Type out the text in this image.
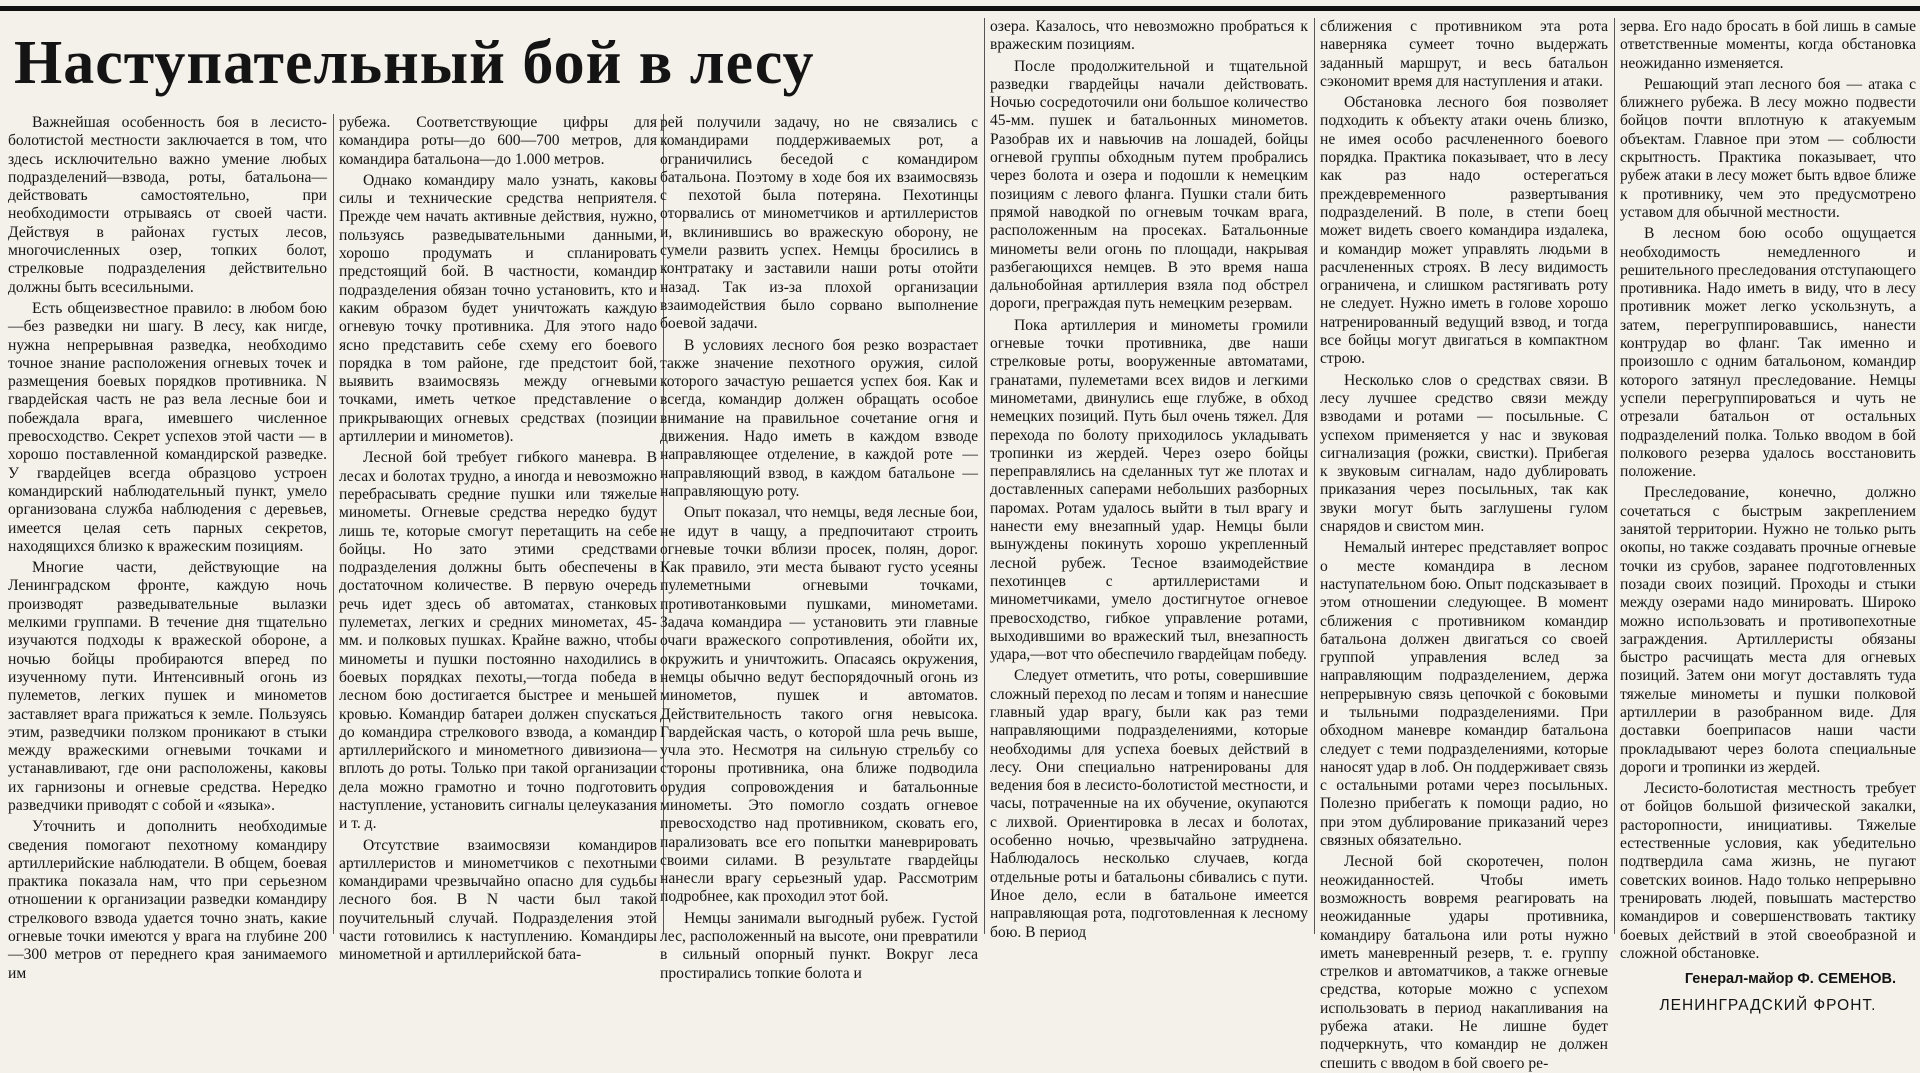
Наступательный бой в лесу

Важнейшая особенность боя в лесисто-болотистой местности заключается в том, что здесь исключительно важно умение любых подразделений—взвода, роты, батальона—действовать самостоятельно, при необходимости отрываясь от своей части. Действуя в районах густых лесов, многочисленных озер, топких болот, стрелковые подразделения действительно должны быть всесильными.

Есть общеизвестное правило: в любом бою—без разведки ни шагу. В лесу, как нигде, нужна непрерывная разведка, необходимо точное знание расположения огневых точек и размещения боевых порядков противника. N гвардейская часть не раз вела лесные бои и побеждала врага, имевшего численное превосходство. Секрет успехов этой части — в хорошо поставленной командирской разведке. У гвардейцев всегда образцово устроен командирский наблюдательный пункт, умело организована служба наблюдения с деревьев, имеется целая сеть парных секретов, находящихся близко к вражеским позициям.

Многие части, действующие на Ленинградском фронте, каждую ночь производят разведывательные вылазки мелкими группами. В течение дня тщательно изучаются подходы к вражеской обороне, а ночью бойцы пробираются вперед по изученному пути. Интенсивный огонь из пулеметов, легких пушек и минометов заставляет врага прижаться к земле. Пользуясь этим, разведчики ползком проникают в стыки между вражескими огневыми точками и устанавливают, где они расположены, каковы их гарнизоны и огневые средства. Нередко разведчики приводят с собой и «языка».

Уточнить и дополнить необходимые сведения помогают пехотному командиру артиллерийские наблюдатели. В общем, боевая практика показала нам, что при серьезном отношении к организации разведки командиру стрелкового взвода удается точно знать, какие огневые точки имеются у врага на глубине 200—300 метров от переднего края занимаемого им

рубежа. Соответствующие цифры для командира роты—до 600—700 метров, для командира батальона—до 1.000 метров.

Однако командиру мало узнать, каковы силы и технические средства неприятеля. Прежде чем начать активные действия, нужно, пользуясь разведывательными данными, хорошо продумать и спланировать предстоящий бой. В частности, командир подразделения обязан точно установить, кто и каким образом будет уничтожать каждую огневую точку противника. Для этого надо ясно представить себе схему его боевого порядка в том районе, где предстоит бой, выявить взаимосвязь между огневыми точками, иметь четкое представление о прикрывающих огневых средствах (позиции артиллерии и минометов).

Лесной бой требует гибкого маневра. В лесах и болотах трудно, а иногда и невозможно перебрасывать средние пушки или тяжелые минометы. Огневые средства нередко будут лишь те, которые смогут перетащить на себе бойцы. Но зато этими средствами подразделения должны быть обеспечены в достаточном количестве. В первую очередь речь идет здесь об автоматах, станковых пулеметах, легких и средних минометах, 45-мм. и полковых пушках. Крайне важно, чтобы минометы и пушки постоянно находились в боевых порядках пехоты,—тогда победа в лесном бою достигается быстрее и меньшей кровью. Командир батареи должен спускаться до командира стрелкового взвода, а командир артиллерийского и минометного дивизиона—вплоть до роты. Только при такой организации дела можно грамотно и точно подготовить наступление, установить сигналы целеуказания и т. д.

Отсутствие взаимосвязи командиров артиллеристов и минометчиков с пехотными командирами чрезвычайно опасно для судьбы лесного боя. В N части был такой поучительный случай. Подразделения этой части готовились к наступлению. Командиры минометной и артиллерийской бата-

рей получили задачу, но не связались с командирами поддерживаемых рот, а ограничились беседой с командиром батальона. Поэтому в ходе боя их взаимосвязь с пехотой была потеряна. Пехотинцы оторвались от минометчиков и артиллеристов и, вклинившись во вражескую оборону, не сумели развить успех. Немцы бросились в контратаку и заставили наши роты отойти назад. Так из-за плохой организации взаимодействия было сорвано выполнение боевой задачи.

В условиях лесного боя резко возрастает также значение пехотного оружия, силой которого зачастую решается успех боя. Как и всегда, командир должен обращать особое внимание на правильное сочетание огня и движения. Надо иметь в каждом взводе направляющее отделение, в каждой роте — направляющий взвод, в каждом батальоне — направляющую роту.

Опыт показал, что немцы, ведя лесные бои, не идут в чащу, а предпочитают строить огневые точки вблизи просек, полян, дорог. Как правило, эти места бывают густо усеяны пулеметными огневыми точками, противотанковыми пушками, минометами. Задача командира — установить эти главные очаги вражеского сопротивления, обойти их, окружить и уничтожить. Опасаясь окружения, немцы обычно ведут беспорядочный огонь из минометов, пушек и автоматов. Действительность такого огня невысока. Гвардейская часть, о которой шла речь выше, учла это. Несмотря на сильную стрельбу со стороны противника, она ближе подводила орудия сопровождения и батальонные минометы. Это помогло создать огневое превосходство над противником, сковать его, парализовать все его попытки маневрировать своими силами. В результате гвардейцы нанесли врагу серьезный удар. Рассмотрим подробнее, как проходил этот бой.

Немцы занимали выгодный рубеж. Густой лес, расположенный на высоте, они превратили в сильный опорный пункт. Вокруг леса простирались топкие болота и

озера. Казалось, что невозможно пробраться к вражеским позициям.

После продолжительной и тщательной разведки гвардейцы начали действовать. Ночью сосредоточили они большое количество 45-мм. пушек и батальонных минометов. Разобрав их и навьючив на лошадей, бойцы огневой группы обходным путем пробрались через болота и озера и подошли к немецким позициям с левого фланга. Пушки стали бить прямой наводкой по огневым точкам врага, расположенным на просеках. Батальонные минометы вели огонь по площади, накрывая разбегающихся немцев. В это время наша дальнобойная артиллерия взяла под обстрел дороги, преграждая путь немецким резервам.

Пока артиллерия и минометы громили огневые точки противника, две наши стрелковые роты, вооруженные автоматами, гранатами, пулеметами всех видов и легкими минометами, двинулись еще глубже, в обход немецких позиций. Путь был очень тяжел. Для перехода по болоту приходилось укладывать тропинки из жердей. Через озеро бойцы переправлялись на сделанных тут же плотах и доставленных саперами небольших разборных паромах. Ротам удалось выйти в тыл врагу и нанести ему внезапный удар. Немцы были вынуждены покинуть хорошо укрепленный лесной рубеж. Тесное взаимодействие пехотинцев с артиллеристами и минометчиками, умело достигнутое огневое превосходство, гибкое управление ротами, выходившими во вражеский тыл, внезапность удара,—вот что обеспечило гвардейцам победу.

Следует отметить, что роты, совершившие сложный переход по лесам и топям и нанесшие главный удар врагу, были как раз теми направляющими подразделениями, которые необходимы для успеха боевых действий в лесу. Они специально натренированы для ведения боя в лесисто-болотистой местности, и часы, потраченные на их обучение, окупаются с лихвой. Ориентировка в лесах и болотах, особенно ночью, чрезвычайно затруднена. Наблюдалось несколько случаев, когда отдельные роты и батальоны сбивались с пути. Иное дело, если в батальоне имеется направляющая рота, подготовленная к лесному бою. В период

сближения с противником эта рота наверняка сумеет точно выдержать заданный маршрут, и весь батальон сэкономит время для наступления и атаки.

Обстановка лесного боя позволяет подходить к объекту атаки очень близко, не имея особо расчлененного боевого порядка. Практика показывает, что в лесу как раз надо остерегаться преждевременного развертывания подразделений. В поле, в степи боец может видеть своего командира издалека, и командир может управлять людьми в расчлененных строях. В лесу видимость ограничена, и слишком растягивать роту не следует. Нужно иметь в голове хорошо натренированный ведущий взвод, и тогда все бойцы могут двигаться в компактном строю.

Несколько слов о средствах связи. В лесу лучшее средство связи между взводами и ротами — посыльные. С успехом применяется у нас и звуковая сигнализация (рожки, свистки). Прибегая к звуковым сигналам, надо дублировать приказания через посыльных, так как звуки могут быть заглушены гулом снарядов и свистом мин.

Немалый интерес представляет вопрос о месте командира в лесном наступательном бою. Опыт подсказывает в этом отношении следующее. В момент сближения с противником командир батальона должен двигаться со своей группой управления вслед за направляющим подразделением, держа непрерывную связь цепочкой с боковыми и тыльными подразделениями. При обходном маневре командир батальона следует с теми подразделениями, которые наносят удар в лоб. Он поддерживает связь с остальными ротами через посыльных. Полезно прибегать к помощи радио, но при этом дублирование приказаний через связных обязательно.

Лесной бой скоротечен, полон неожиданностей. Чтобы иметь возможность вовремя реагировать на неожиданные удары противника, командиру батальона или роты нужно иметь маневренный резерв, т. е. группу стрелков и автоматчиков, а также огневые средства, которые можно с успехом использовать в период накапливания на рубежа атаки. Не лишне будет подчеркнуть, что командир не должен спешить с вводом в бой своего ре-

зерва. Его надо бросать в бой лишь в самые ответственные моменты, когда обстановка неожиданно изменяется.

Решающий этап лесного боя — атака с ближнего рубежа. В лесу можно подвести бойцов почти вплотную к атакуемым объектам. Главное при этом — соблюсти скрытность. Практика показывает, что рубеж атаки в лесу может быть вдвое ближе к противнику, чем это предусмотрено уставом для обычной местности.

В лесном бою особо ощущается необходимость немедленного и решительного преследования отступающего противника. Надо иметь в виду, что в лесу противник может легко ускользнуть, а затем, перегруппировавшись, нанести контрудар во фланг. Так именно и произошло с одним батальоном, командир которого затянул преследование. Немцы успели перегруппироваться и чуть не отрезали батальон от остальных подразделений полка. Только вводом в бой полкового резерва удалось восстановить положение.

Преследование, конечно, должно сочетаться с быстрым закреплением занятой территории. Нужно не только рыть окопы, но также создавать прочные огневые точки из срубов, заранее подготовленных позади своих позиций. Проходы и стыки между озерами надо минировать. Широко можно использовать и противопехотные заграждения. Артиллеристы обязаны быстро расчищать места для огневых позиций. Затем они могут доставлять туда тяжелые минометы и пушки полковой артиллерии в разобранном виде. Для доставки боеприпасов наши части прокладывают через болота специальные дороги и тропинки из жердей.

Лесисто-болотистая местность требует от бойцов большой физической закалки, расторопности, инициативы. Тяжелые естественные условия, как убедительно подтвердила сама жизнь, не пугают советских воинов. Надо только непрерывно тренировать людей, повышать мастерство командиров и совершенствовать тактику боевых действий в этой своеобразной и сложной обстановке.

Генерал-майор Ф. СЕМЕНОВ.
ЛЕНИНГРАДСКИЙ ФРОНТ.
